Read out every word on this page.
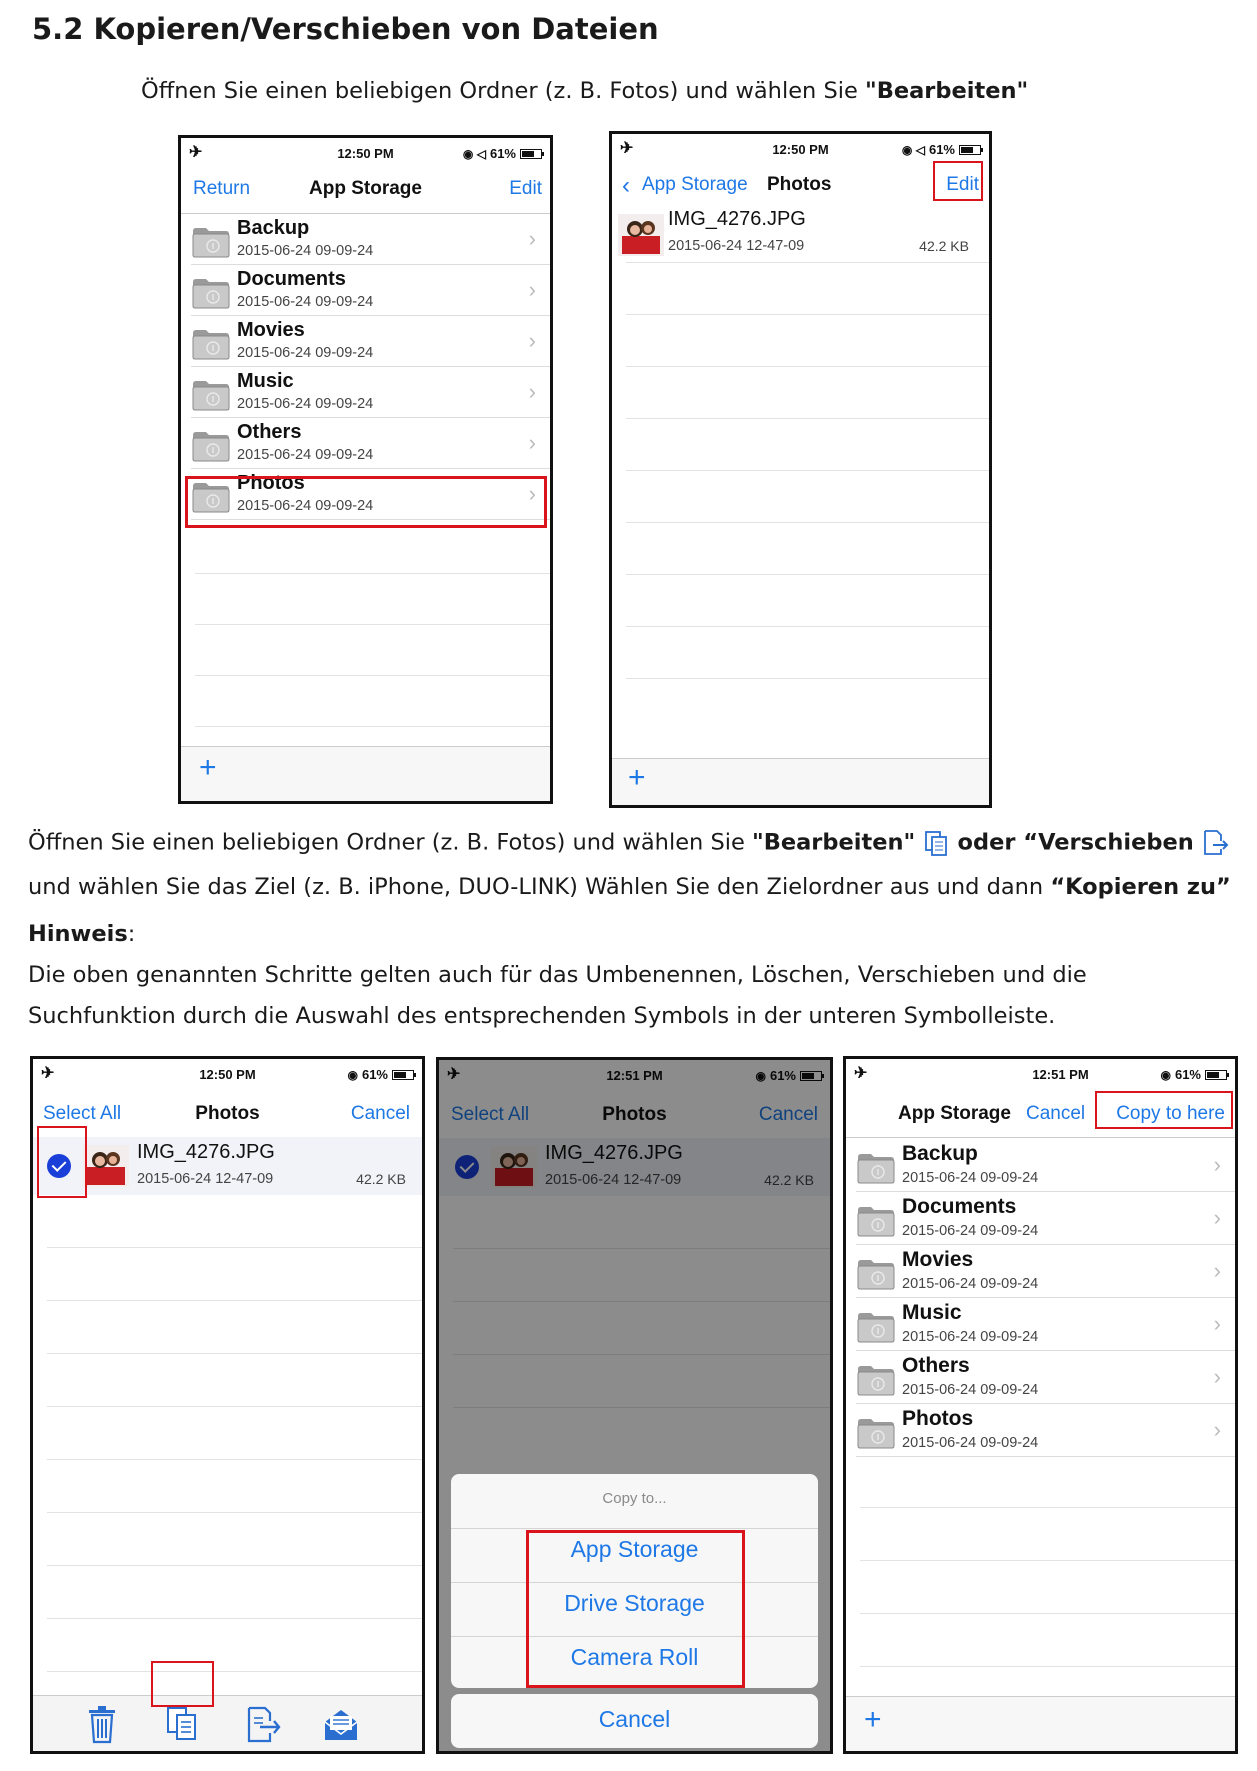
5.2 Kopieren/Verschieben von Dateien
Öffnen Sie einen beliebigen Ordner (z. B. Fotos) und wählen Sie "Bearbeiten"
✈	12:50 PM	◉ ◁ 61%
Return	App Storage	Edit
Backup
2015-06-24 09-09-24	›
Documents
2015-06-24 09-09-24	›
Movies
2015-06-24 09-09-24	›
Music
2015-06-24 09-09-24	›
Others
2015-06-24 09-09-24	›
Photos
2015-06-24 09-09-24	›
+
✈	12:50 PM	◉ ◁ 61%
‹ App Storage Photos	Edit
IMG_4276.JPG
2015-06-24 12-47-09	42.2 KB
+
Öffnen Sie einen beliebigen Ordner (z. B. Fotos) und wählen Sie "Bearbeiten"  oder “Verschieben
und wählen Sie das Ziel (z. B. iPhone, DUO-LINK) Wählen Sie den Zielordner aus und dann “Kopieren zu”
Hinweis:
Die oben genannten Schritte gelten auch für das Umbenennen, Löschen, Verschieben und die
Suchfunktion durch die Auswahl des entsprechenden Symbols in der unteren Symbolleiste.
✈	12:50 PM	◉ 61%
Select All	Photos	Cancel
IMG_4276.JPG
2015-06-24 12-47-09	42.2 KB
✈	12:51 PM	◉ 61%
Select All	Photos	Cancel
IMG_4276.JPG
2015-06-24 12-47-09	42.2 KB
Copy to...
App Storage
Drive Storage
Camera Roll
Cancel
✈	12:51 PM	◉ 61%
App Storage Cancel Copy to here
Backup
2015-06-24 09-09-24
›
Documents
2015-06-24 09-09-24
›
Movies
2015-06-24 09-09-24
›
Music
2015-06-24 09-09-24
›
Others
2015-06-24 09-09-24
›
Photos
2015-06-24 09-09-24
›
+
